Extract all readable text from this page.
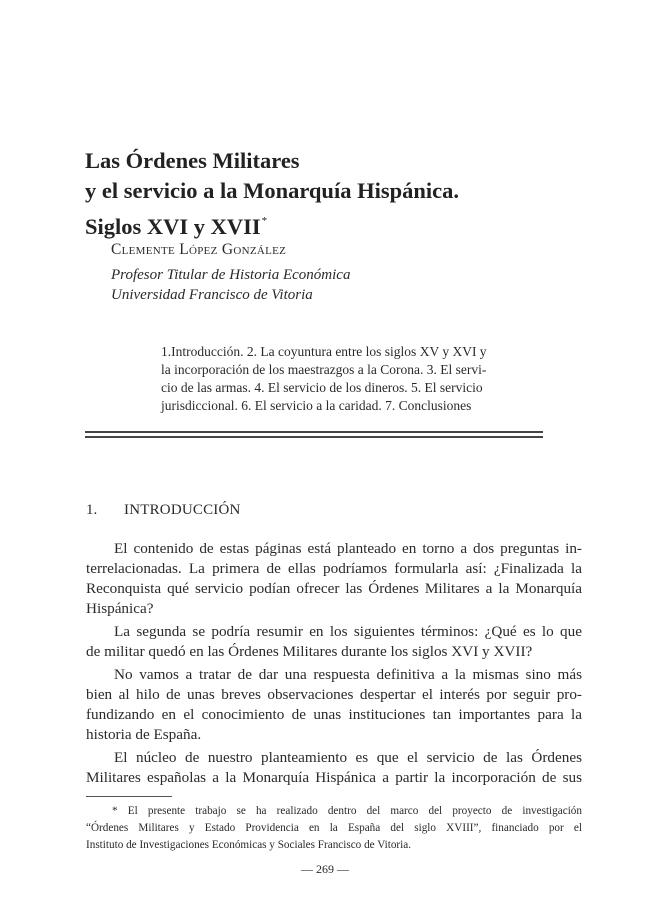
Las Órdenes Militares
y el servicio a la Monarquía Hispánica.
Siglos XVI y XVII*
Clemente López González
Profesor Titular de Historia Económica
Universidad Francisco de Vitoria
1.Introducción. 2. La coyuntura entre los siglos XV y XVI y
la incorporación de los maestrazgos a la Corona. 3. El servi-
cio de las armas. 4. El servicio de los dineros. 5. El servicio
jurisdiccional. 6. El servicio a la caridad. 7. Conclusiones
1. INTRODUCCIÓN
El contenido de estas páginas está planteado en torno a dos preguntas in-
terrelacionadas. La primera de ellas podríamos formularla así: ¿Finalizada la
Reconquista qué servicio podían ofrecer las Órdenes Militares a la Monarquía
Hispánica?
La segunda se podría resumir en los siguientes términos: ¿Qué es lo que
de militar quedó en las Órdenes Militares durante los siglos XVI y XVII?
No vamos a tratar de dar una respuesta definitiva a la mismas sino más
bien al hilo de unas breves observaciones despertar el interés por seguir pro-
fundizando en el conocimiento de unas instituciones tan importantes para la
historia de España.
El núcleo de nuestro planteamiento es que el servicio de las Órdenes
Militares españolas a la Monarquía Hispánica a partir la incorporación de sus
* El presente trabajo se ha realizado dentro del marco del proyecto de investigación
“Órdenes Militares y Estado Providencia en la España del siglo XVIII”, financiado por el
Instituto de Investigaciones Económicas y Sociales Francisco de Vitoria.
— 269 —
